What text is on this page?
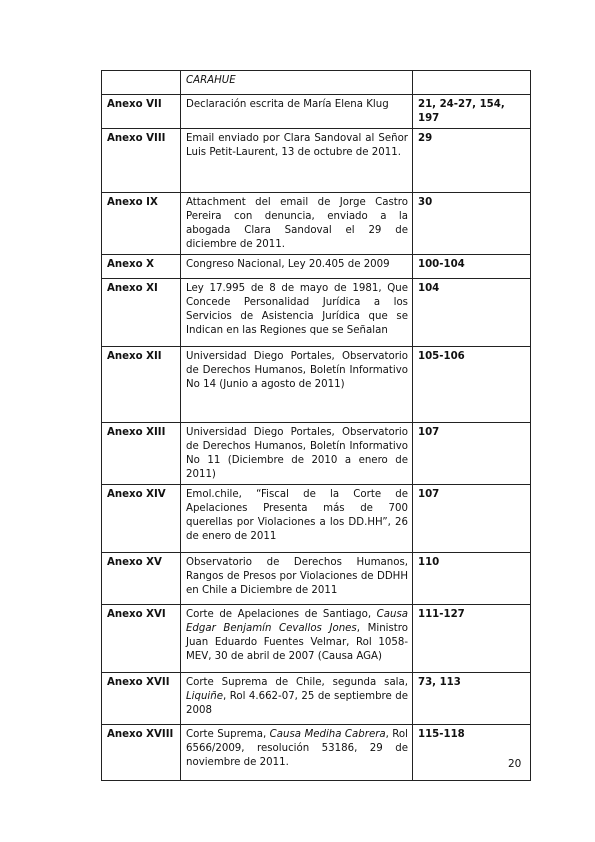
	CARAHUE	
Anexo VII	Declaración escrita de María Elena Klug	21, 24-27, 154, 197
Anexo VIII	Email enviado por Clara Sandoval al Señor Luis Petit-Laurent, 13 de octubre de 2011.	29
Anexo IX	Attachment del email de Jorge Castro Pereira con denuncia, enviado a la abogada Clara Sandoval el 29 de diciembre de 2011.	30
Anexo X	Congreso Nacional, Ley 20.405 de 2009	100-104
Anexo XI	Ley 17.995 de 8 de mayo de 1981, Que Concede Personalidad Jurídica a los Servicios de Asistencia Jurídica que se Indican en las Regiones que se Señalan	104
Anexo XII	Universidad Diego Portales, Observatorio de Derechos Humanos, Boletín Informativo No 14 (Junio a agosto de 2011)	105-106
Anexo XIII	Universidad Diego Portales, Observatorio de Derechos Humanos, Boletín Informativo No 11 (Diciembre de 2010 a enero de 2011)	107
Anexo XIV	Emol.chile, “Fiscal de la Corte de Apelaciones Presenta más de 700 querellas por Violaciones a los DD.HH”, 26 de enero de 2011	107
Anexo XV	Observatorio de Derechos Humanos, Rangos de Presos por Violaciones de DDHH en Chile a Diciembre de 2011	110
Anexo XVI	Corte de Apelaciones de Santiago, Causa Edgar Benjamín Cevallos Jones, Ministro Juan Eduardo Fuentes Velmar, Rol 1058-MEV, 30 de abril de 2007 (Causa AGA)	111-127
Anexo XVII	Corte Suprema de Chile, segunda sala, Liquiñe, Rol 4.662-07, 25 de septiembre de 2008	73, 113
Anexo XVIII	Corte Suprema, Causa Mediha Cabrera, Rol 6566/2009, resolución 53186, 29 de noviembre de 2011.	115-118
20
